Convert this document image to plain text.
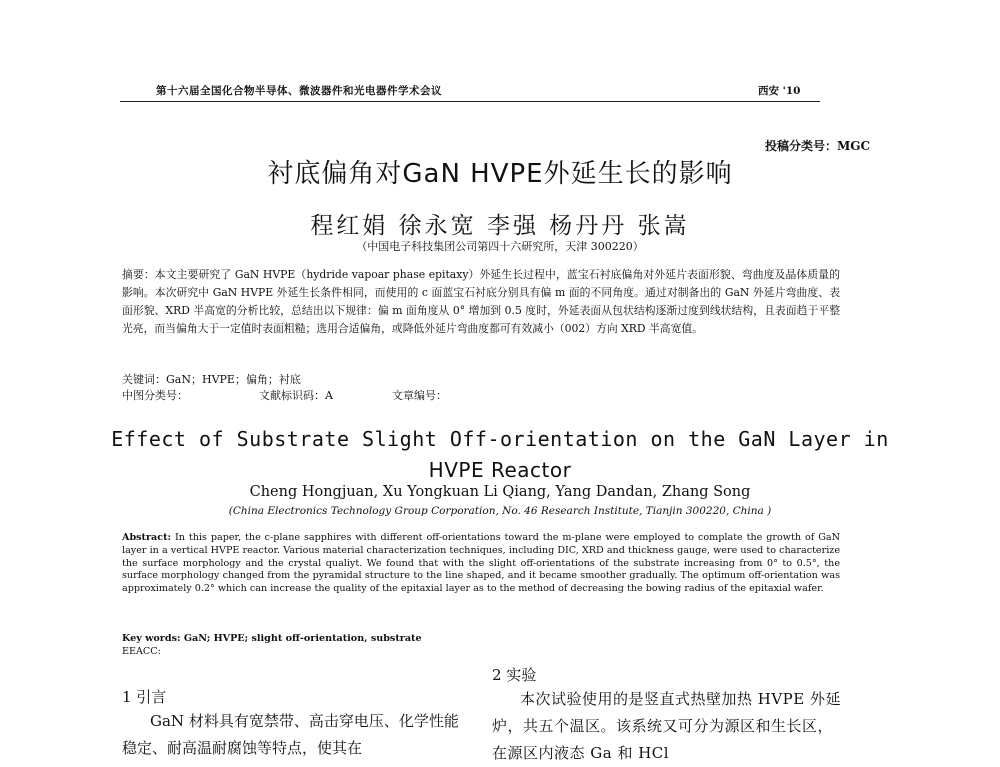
第十六届全国化合物半导体、微波器件和光电器件学术会议	西安 '10
投稿分类号：MGC
衬底偏角对GaN HVPE外延生长的影响
程红娟 徐永宽 李强 杨丹丹 张嵩
（中国电子科技集团公司第四十六研究所，天津 300220）
摘要：本文主要研究了 GaN HVPE（hydride vapoar phase epitaxy）外延生长过程中，蓝宝石衬底偏角对外延片表面形貌、弯曲度及晶体质量的影响。本次研究中 GaN HVPE 外延生长条件相同，而使用的 c 面蓝宝石衬底分别具有偏 m 面的不同角度。通过对制备出的 GaN 外延片弯曲度、表面形貌、XRD 半高宽的分析比较，总结出以下规律：偏 m 面角度从 0° 增加到 0.5 度时，外延表面从包状结构逐渐过度到线状结构，且表面趋于平整光亮，而当偏角大于一定值时表面粗糙；选用合适偏角，或降低外延片弯曲度都可有效减小（002）方向 XRD 半高宽值。
关键词：GaN；HVPE；偏角；衬底
中图分类号：	文献标识码：A	文章编号：
Effect of Substrate Slight Off-orientation on the GaN Layer in
HVPE Reactor
Cheng Hongjuan, Xu Yongkuan Li Qiang, Yang Dandan, Zhang Song
(China Electronics Technology Group Corporation, No. 46 Research Institute, Tianjin 300220, China )
Abstract: In this paper, the c-plane sapphires with different off-orientations toward the m-plane were employed to complate the growth of GaN layer in a vertical HVPE reactor. Various material characterization techniques, including DIC, XRD and thickness gauge, were used to characterize the surface morphology and the crystal qualiyt. We found that with the slight off-orientations of the substrate increasing from 0° to 0.5°, the surface morphology changed from the pyramidal structure to the line shaped, and it became smoother gradually. The optimum off-orientation was approximately 0.2° which can increase the quality of the epitaxial layer as to the method of decreasing the bowing radius of the epitaxial wafer.
Key words: GaN; HVPE; slight off-orientation, substrate
EEACC:
2 实验
1 引言
GaN 材料具有宽禁带、高击穿电压、化学性能稳定、耐高温耐腐蚀等特点，使其在
本次试验使用的是竖直式热壁加热 HVPE 外延炉，共五个温区。该系统又可分为源区和生长区，在源区内液态 Ga 和 HCl
